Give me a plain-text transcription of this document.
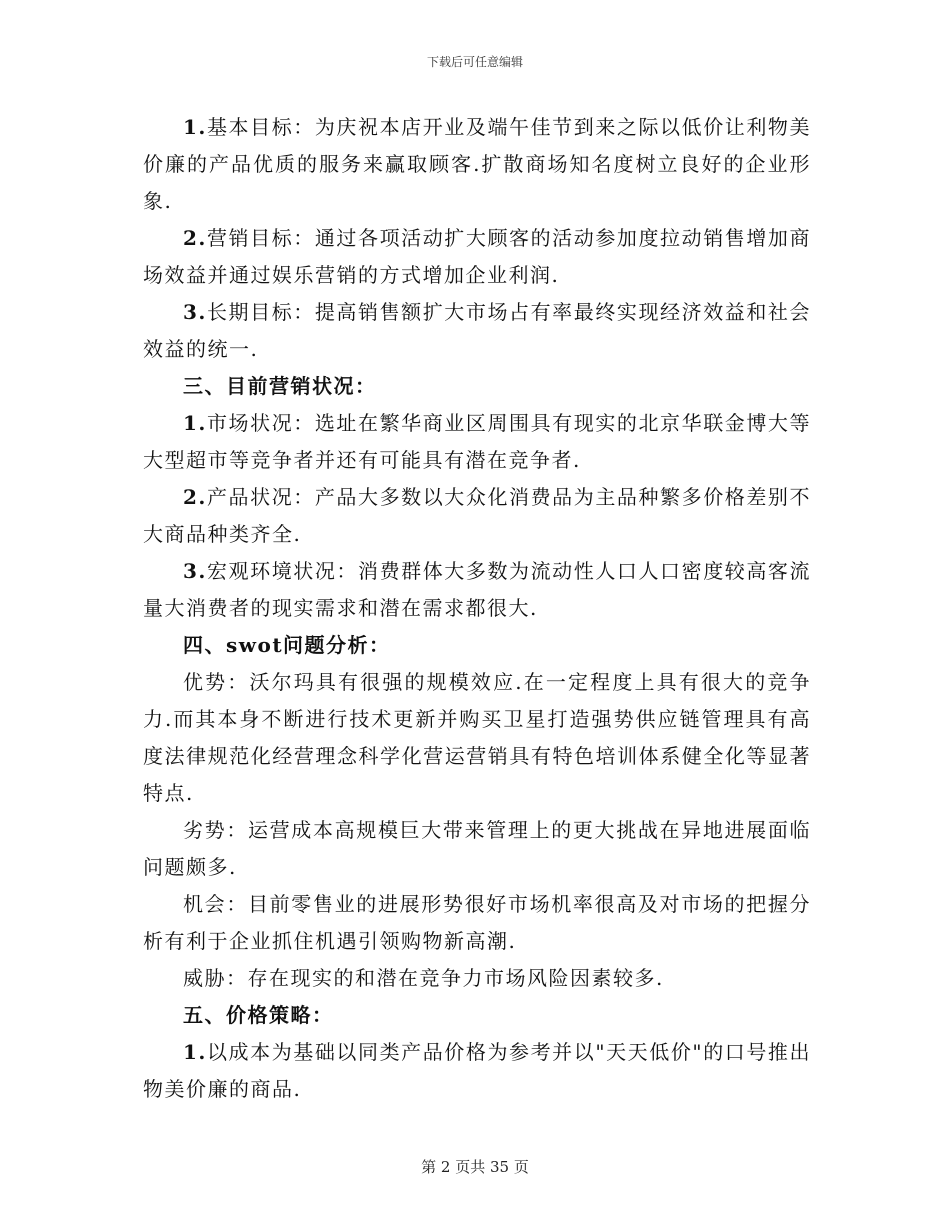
下载后可任意编辑

1.基本目标：为庆祝本店开业及端午佳节到来之际以低价让利物美价廉的产品优质的服务来赢取顾客.扩散商场知名度树立良好的企业形象.

2.营销目标：通过各项活动扩大顾客的活动参加度拉动销售增加商场效益并通过娱乐营销的方式增加企业利润.

3.长期目标：提高销售额扩大市场占有率最终实现经济效益和社会效益的统一.

三、目前营销状况：

1.市场状况：选址在繁华商业区周围具有现实的北京华联金博大等大型超市等竞争者并还有可能具有潜在竞争者.

2.产品状况：产品大多数以大众化消费品为主品种繁多价格差别不大商品种类齐全.

3.宏观环境状况：消费群体大多数为流动性人口人口密度较高客流量大消费者的现实需求和潜在需求都很大.

四、swot问题分析：

优势：沃尔玛具有很强的规模效应.在一定程度上具有很大的竞争力.而其本身不断进行技术更新并购买卫星打造强势供应链管理具有高度法律规范化经营理念科学化营运营销具有特色培训体系健全化等显著特点.

劣势：运营成本高规模巨大带来管理上的更大挑战在异地进展面临问题颇多.

机会：目前零售业的进展形势很好市场机率很高及对市场的把握分析有利于企业抓住机遇引领购物新高潮.

威胁：存在现实的和潜在竞争力市场风险因素较多.

五、价格策略：

1.以成本为基础以同类产品价格为参考并以"天天低价"的口号推出物美价廉的商品.

第 2 页共 35 页
